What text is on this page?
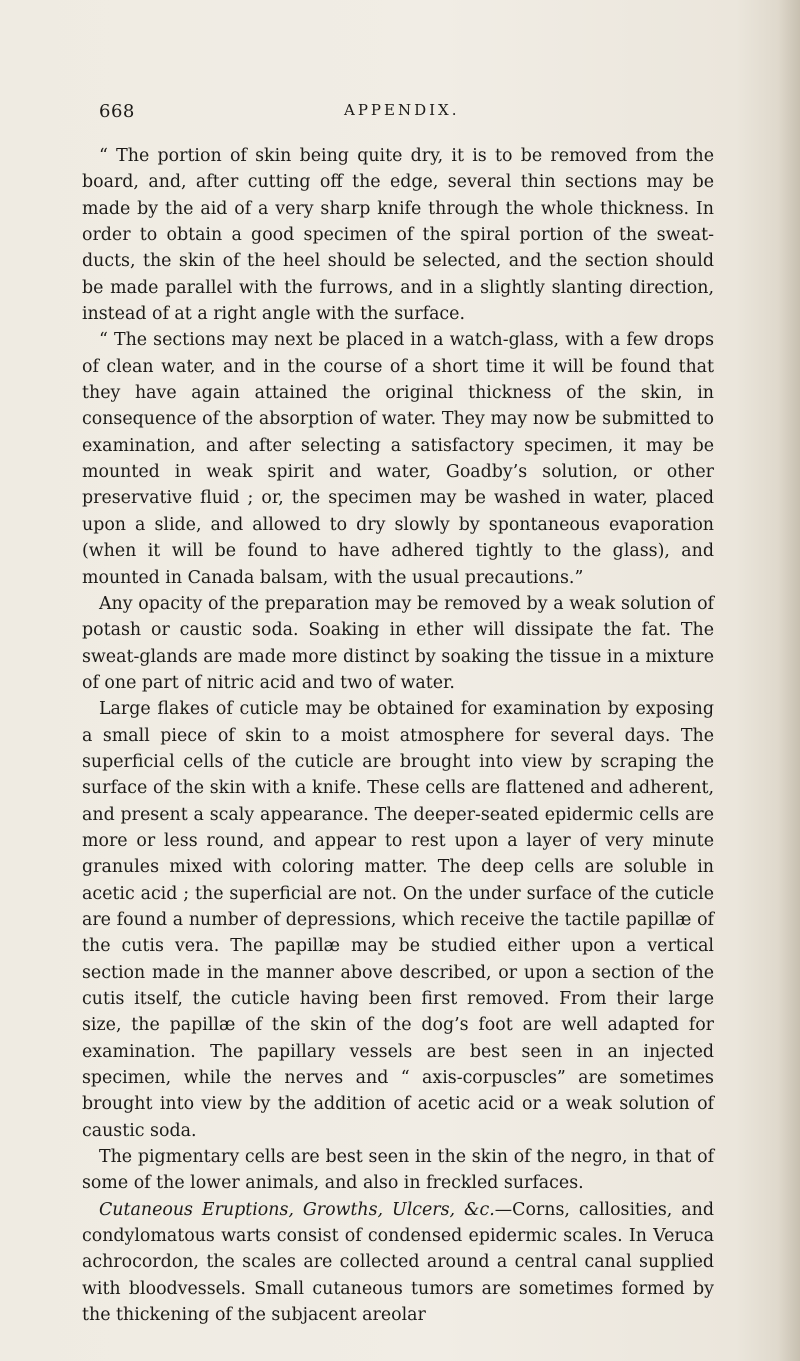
668	APPENDIX.

“ The portion of skin being quite dry, it is to be removed from the board, and, after cutting off the edge, several thin sections may be made by the aid of a very sharp knife through the whole thickness. In order to obtain a good specimen of the spiral portion of the sweat-ducts, the skin of the heel should be selected, and the section should be made parallel with the furrows, and in a slightly slanting direction, instead of at a right angle with the surface.

“ The sections may next be placed in a watch-glass, with a few drops of clean water, and in the course of a short time it will be found that they have again attained the original thickness of the skin, in consequence of the absorption of water. They may now be submitted to examination, and after selecting a satisfactory specimen, it may be mounted in weak spirit and water, Goadby’s solution, or other preservative fluid ; or, the specimen may be washed in water, placed upon a slide, and allowed to dry slowly by spontaneous evaporation (when it will be found to have adhered tightly to the glass), and mounted in Canada balsam, with the usual precautions.”

Any opacity of the preparation may be removed by a weak solution of potash or caustic soda. Soaking in ether will dissipate the fat. The sweat-glands are made more distinct by soaking the tissue in a mixture of one part of nitric acid and two of water.

Large flakes of cuticle may be obtained for examination by exposing a small piece of skin to a moist atmosphere for several days. The superficial cells of the cuticle are brought into view by scraping the surface of the skin with a knife. These cells are flattened and adherent, and present a scaly appearance. The deeper-seated epidermic cells are more or less round, and appear to rest upon a layer of very minute granules mixed with coloring matter. The deep cells are soluble in acetic acid ; the superficial are not. On the under surface of the cuticle are found a number of depressions, which receive the tactile papillæ of the cutis vera. The papillæ may be studied either upon a vertical section made in the manner above described, or upon a section of the cutis itself, the cuticle having been first removed. From their large size, the papillæ of the skin of the dog’s foot are well adapted for examination. The papillary vessels are best seen in an injected specimen, while the nerves and “ axis-corpuscles” are sometimes brought into view by the addition of acetic acid or a weak solution of caustic soda.

The pigmentary cells are best seen in the skin of the negro, in that of some of the lower animals, and also in freckled surfaces.

Cutaneous Eruptions, Growths, Ulcers, &c.—Corns, callosities, and condylomatous warts consist of condensed epidermic scales. In Veruca achrocordon, the scales are collected around a central canal supplied with bloodvessels. Small cutaneous tumors are sometimes formed by the thickening of the subjacent areolar
